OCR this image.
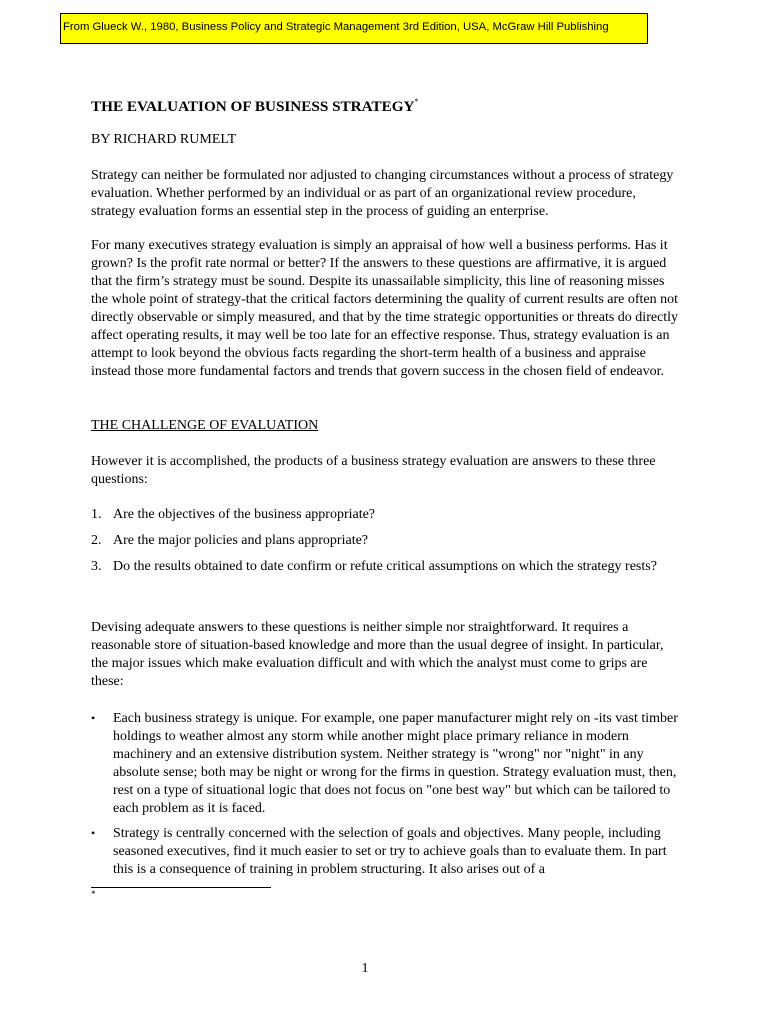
From Glueck W., 1980, Business Policy and Strategic Management 3rd Edition, USA, McGraw Hill Publishing
THE EVALUATION OF BUSINESS STRATEGY*

BY RICHARD RUMELT

Strategy can neither be formulated nor adjusted to changing circumstances without a process of strategy evaluation. Whether performed by an individual or as part of an organizational review procedure, strategy evaluation forms an essential step in the process of guiding an enterprise.

For many executives strategy evaluation is simply an appraisal of how well a business performs. Has it grown? Is the profit rate normal or better? If the answers to these questions are affirmative, it is argued that the firm’s strategy must be sound. Despite its unassailable simplicity, this line of reasoning misses the whole point of strategy-that the critical factors determining the quality of current results are often not directly observable or simply measured, and that by the time strategic opportunities or threats do directly affect operating results, it may well be too late for an effective response. Thus, strategy evaluation is an attempt to look beyond the obvious facts regarding the short-term health of a business and appraise instead those more fundamental factors and trends that govern success in the chosen field of endeavor.

THE CHALLENGE OF EVALUATION

However it is accomplished, the products of a business strategy evaluation are answers to these three questions:

1. Are the objectives of the business appropriate?
2. Are the major policies and plans appropriate?
3. Do the results obtained to date confirm or refute critical assumptions on which the strategy rests?

Devising adequate answers to these questions is neither simple nor straightforward. It requires a reasonable store of situation-based knowledge and more than the usual degree of insight. In particular, the major issues which make evaluation difficult and with which the analyst must come to grips are these:

• Each business strategy is unique. For example, one paper manufacturer might rely on -its vast timber holdings to weather almost any storm while another might place primary reliance in modern machinery and an extensive distribution system. Neither strategy is "wrong" nor "night" in any absolute sense; both may be night or wrong for the firms in question. Strategy evaluation must, then, rest on a type of situational logic that does not focus on "one best way" but which can be tailored to each problem as it is faced.
• Strategy is centrally concerned with the selection of goals and objectives. Many people, including seasoned executives, find it much easier to set or try to achieve goals than to evaluate them. In part this is a consequence of training in problem structuring. It also arises out of a
*
1
